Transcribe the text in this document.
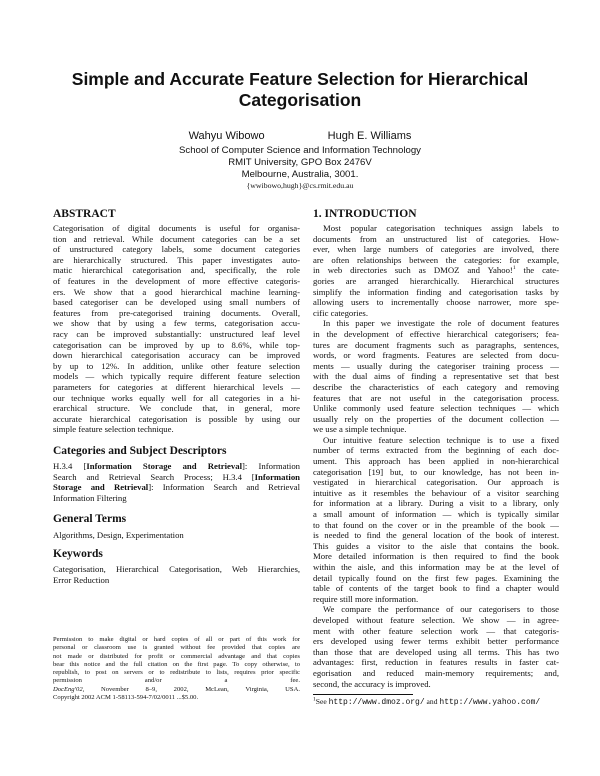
Simple and Accurate Feature Selection for Hierarchical
Categorisation
Wahyu Wibowo	Hugh E. Williams
School of Computer Science and Information Technology
RMIT University, GPO Box 2476V
Melbourne, Australia, 3001.
{wwibowo,hugh}@cs.rmit.edu.au
ABSTRACT
Categorisation of digital documents is useful for organisa-
tion and retrieval. While document categories can be a set
of unstructured category labels, some document categories
are hierarchically structured. This paper investigates auto-
matic hierarchical categorisation and, specifically, the role
of features in the development of more effective categoris-
ers. We show that a good hierarchical machine learning-
based categoriser can be developed using small numbers of
features from pre-categorised training documents. Overall,
we show that by using a few terms, categorisation accu-
racy can be improved substantially: unstructured leaf level
categorisation can be improved by up to 8.6%, while top-
down hierarchical categorisation accuracy can be improved
by up to 12%. In addition, unlike other feature selection
models — which typically require different feature selection
parameters for categories at different hierarchical levels —
our technique works equally well for all categories in a hi-
erarchical structure. We conclude that, in general, more
accurate hierarchical categorisation is possible by using our
simple feature selection technique.
Categories and Subject Descriptors
H.3.4 [Information Storage and Retrieval]: Information
Search and Retrieval Search Process; H.3.4 [Information
Storage and Retrieval]: Information Search and Retrieval
Information Filtering
General Terms
Algorithms, Design, Experimentation
Keywords
Categorisation, Hierarchical Categorisation, Web Hierarchies,
Error Reduction
Permission to make digital or hard copies of all or part of this work for
personal or classroom use is granted without fee provided that copies are
not made or distributed for profit or commercial advantage and that copies
bear this notice and the full citation on the first page. To copy otherwise, to
republish, to post on servers or to redistribute to lists, requires prior specific
permission and/or a fee.
DocEng'02, November 8–9, 2002, McLean, Virginia, USA.
Copyright 2002 ACM 1-58113-594-7/02/0011 ...$5.00.
1. INTRODUCTION
Most popular categorisation techniques assign labels to
documents from an unstructured list of categories. How-
ever, when large numbers of categories are involved, there
are often relationships between the categories: for example,
in web directories such as DMOZ and Yahoo!$^1$ the cate-
gories are arranged hierarchically. Hierarchical structures
simplify the information finding and categorisation tasks by
allowing users to incrementally choose narrower, more spe-
cific categories.
In this paper we investigate the role of document features
in the development of effective hierarchical categorisers; fea-
tures are document fragments such as paragraphs, sentences,
words, or word fragments. Features are selected from docu-
ments — usually during the categoriser training process —
with the dual aims of finding a representative set that best
describe the characteristics of each category and removing
features that are not useful in the categorisation process.
Unlike commonly used feature selection techniques — which
usually rely on the properties of the document collection —
we use a simple technique.
Our intuitive feature selection technique is to use a fixed
number of terms extracted from the beginning of each doc-
ument. This approach has been applied in non-hierarchical
categorisation [19] but, to our knowledge, has not been in-
vestigated in hierarchical categorisation. Our approach is
intuitive as it resembles the behaviour of a visitor searching
for information at a library. During a visit to a library, only
a small amount of information — which is typically similar
to that found on the cover or in the preamble of the book —
is needed to find the general location of the book of interest.
This guides a visitor to the aisle that contains the book.
More detailed information is then required to find the book
within the aisle, and this information may be at the level of
detail typically found on the first few pages. Examining the
table of contents of the target book to find a chapter would
require still more information.
We compare the performance of our categorisers to those
developed without feature selection. We show — in agree-
ment with other feature selection work — that categoris-
ers developed using fewer terms exhibit better performance
than those that are developed using all terms. This has two
advantages: first, reduction in features results in faster cat-
egorisation and reduced main-memory requirements; and,
second, the accuracy is improved.
$^1$See http://www.dmoz.org/ and http://www.yahoo.com/
